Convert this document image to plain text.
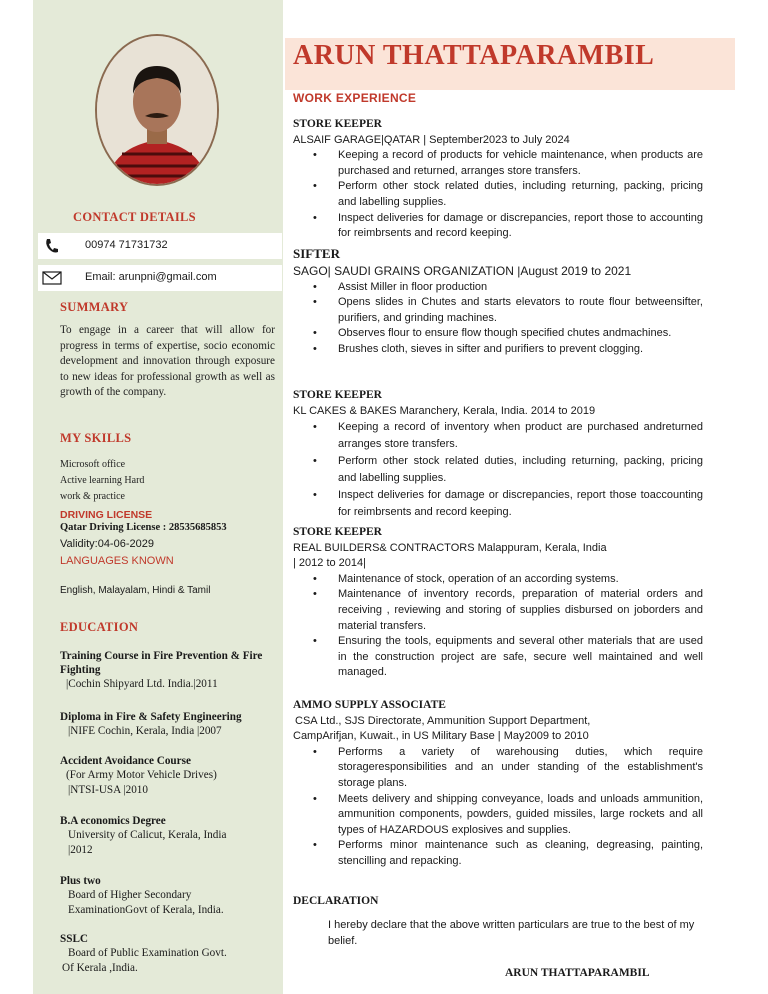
CONTACT DETAILS
00974 71731732
Email: arunpni@gmail.com
SUMMARY
To engage in a career that will allow for progress in terms of expertise, socio economic development and innovation through exposure to new ideas for professional growth as well as growth of the company.
MY SKILLS
Microsoft office
Active learning Hard
work & practice
DRIVING LICENSE
Qatar Driving License : 28535685853
Validity:04-06-2029
LANGUAGES KNOWN
English, Malayalam, Hindi & Tamil
EDUCATION
Training Course in Fire Prevention & Fire Fighting
|Cochin Shipyard Ltd. India.|2011
Diploma in Fire & Safety Engineering
|NIFE Cochin, Kerala, India |2007
Accident Avoidance Course
(For Army Motor Vehicle Drives)
|NTSI-USA |2010
B.A economics Degree
University of Calicut, Kerala, India
|2012
Plus two
Board of Higher Secondary
ExaminationGovt of Kerala, India.
SSLC
Board of Public Examination Govt.
Of Kerala ,India.
ARUN THATTAPARAMBIL
WORK EXPERIENCE
STORE KEEPER
ALSAIF GARAGE|QATAR | September2023 to July 2024
• Keeping a record of products for vehicle maintenance, when products are purchased and returned, arranges store transfers.
• Perform other stock related duties, including returning, packing, pricing and labelling supplies.
• Inspect deliveries for damage or discrepancies, report those to accounting for reimbrsents and record keeping.
SIFTER
SAGO| SAUDI GRAINS ORGANIZATION |August 2019 to 2021
• Assist Miller in floor production
• Opens slides in Chutes and starts elevators to route flour betweensifter, purifiers, and grinding machines.
• Observes flour to ensure flow though specified chutes andmachines.
• Brushes cloth, sieves in sifter and purifiers to prevent clogging.
STORE KEEPER
KL CAKES & BAKES Maranchery, Kerala, India. 2014 to 2019
• Keeping a record of inventory when product are purchased andreturned arranges store transfers.
• Perform other stock related duties, including returning, packing, pricing and labelling supplies.
• Inspect deliveries for damage or discrepancies, report those toaccounting for reimbrsents and record keeping.
STORE KEEPER
REAL BUILDERS& CONTRACTORS Malappuram, Kerala, India
| 2012 to 2014|
• Maintenance of stock, operation of an according systems.
• Maintenance of inventory records, preparation of material orders and receiving , reviewing and storing of supplies disbursed on joborders and material transfers.
• Ensuring the tools, equipments and several other materials that are used in the construction project are safe, secure well maintained and well managed.
AMMO SUPPLY ASSOCIATE
CSA Ltd., SJS Directorate, Ammunition Support Department,
CampArifjan, Kuwait., in US Military Base | May2009 to 2010
• Performs a variety of warehousing duties, which require storageresponsibilities and an under standing of the establishment's storage plans.
• Meets delivery and shipping conveyance, loads and unloads ammunition, ammunition components, powders, guided missiles, large rockets and all types of HAZARDOUS explosives and supplies.
• Performs minor maintenance such as cleaning, degreasing, painting, stencilling and repacking.
DECLARATION
I hereby declare that the above written particulars are true to the best of my belief.
ARUN THATTAPARAMBIL
